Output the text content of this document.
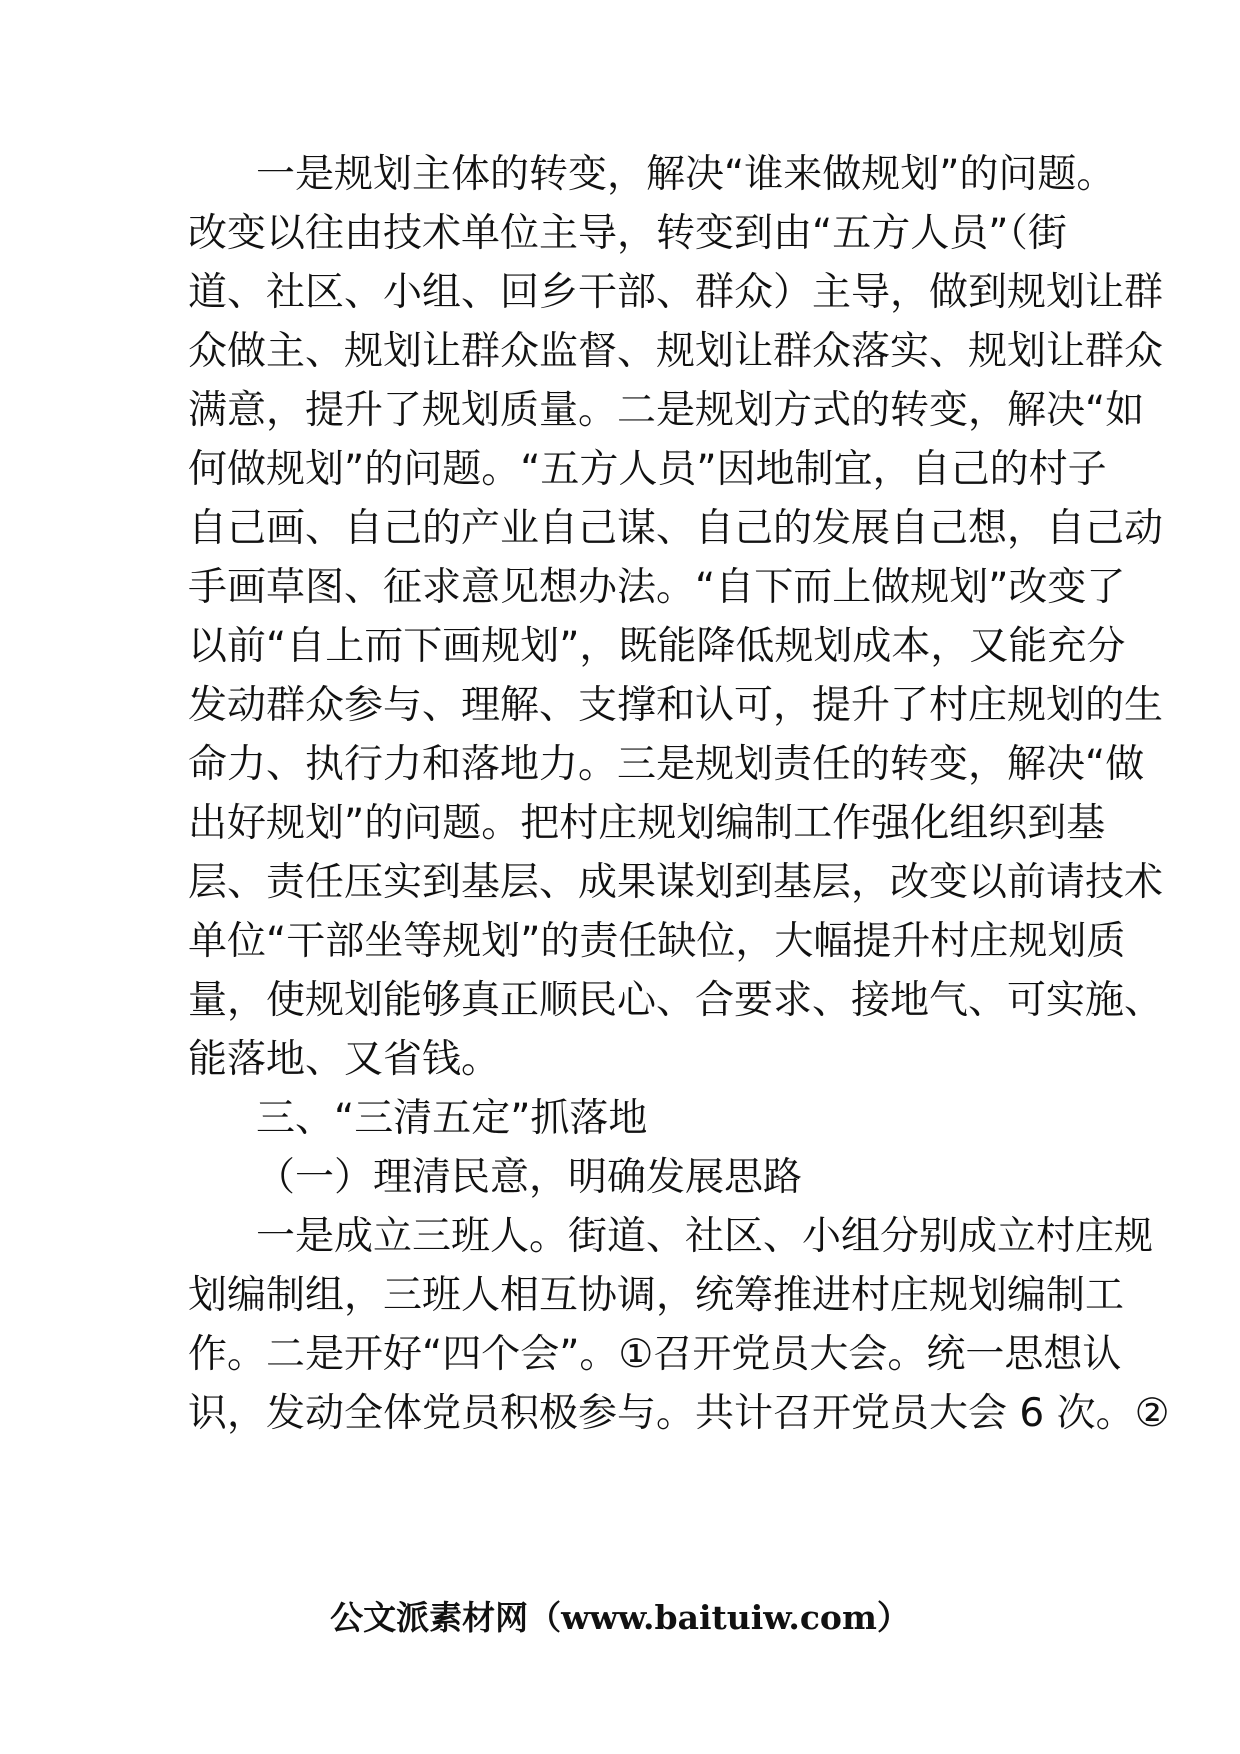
一是规划主体的转变，解决“谁来做规划”的问题。
改变以往由技术单位主导，转变到由“五方人员”（街
道、社区、小组、回乡干部、群众）主导，做到规划让群
众做主、规划让群众监督、规划让群众落实、规划让群众
满意，提升了规划质量。二是规划方式的转变，解决“如
何做规划”的问题。“五方人员”因地制宜，自己的村子
自己画、自己的产业自己谋、自己的发展自己想，自己动
手画草图、征求意见想办法。“自下而上做规划”改变了
以前“自上而下画规划”，既能降低规划成本，又能充分
发动群众参与、理解、支撑和认可，提升了村庄规划的生
命力、执行力和落地力。三是规划责任的转变，解决“做
出好规划”的问题。把村庄规划编制工作强化组织到基
层、责任压实到基层、成果谋划到基层，改变以前请技术
单位“干部坐等规划”的责任缺位，大幅提升村庄规划质
量，使规划能够真正顺民心、合要求、接地气、可实施、
能落地、又省钱。
三、“三清五定”抓落地
（一）理清民意，明确发展思路
一是成立三班人。街道、社区、小组分别成立村庄规
划编制组，三班人相互协调，统筹推进村庄规划编制工
作。二是开好“四个会”。①召开党员大会。统一思想认
识，发动全体党员积极参与。共计召开党员大会 6 次。②
公文派素材网（www.baituiw.com）
